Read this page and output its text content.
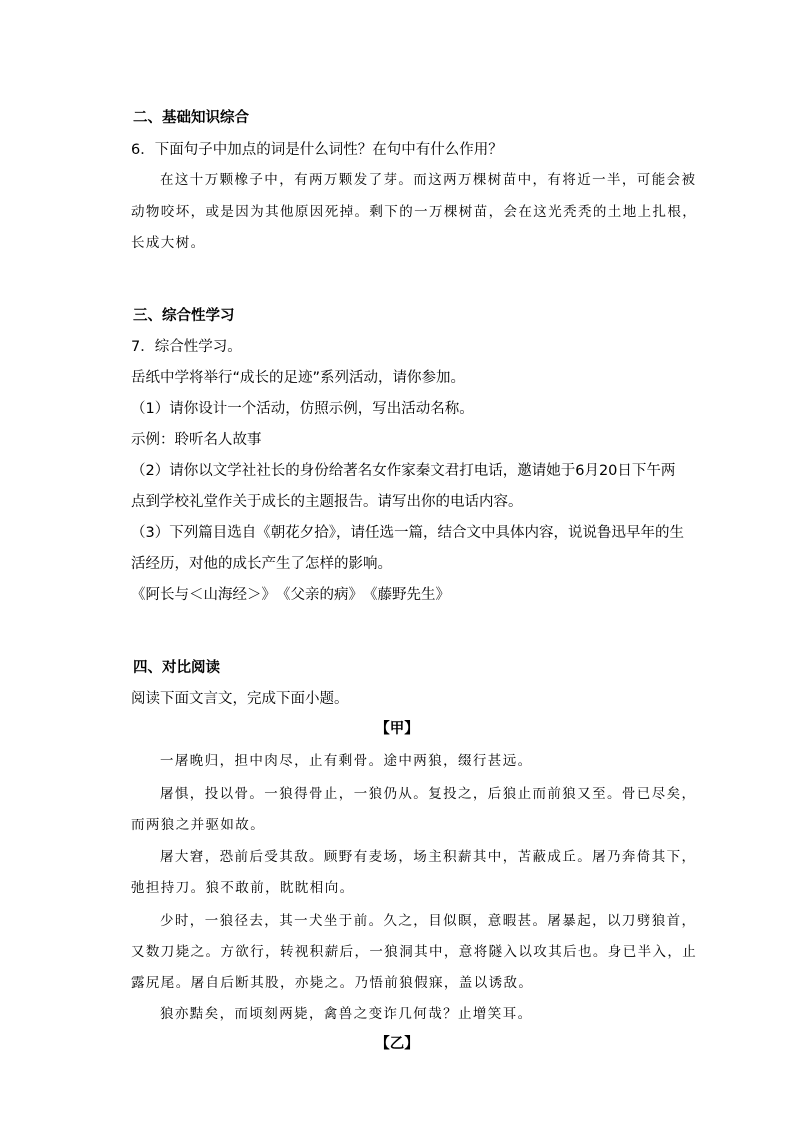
二、基础知识综合
6．下面句子中加点的词是什么词性？在句中有什么作用？
在这十万颗橡子中，有两万颗发了芽。而这两万棵树苗中，有将近一半，可能会被
动物咬坏，或是因为其他原因死掉。剩下的一万棵树苗，会在这光秃秃的土地上扎根，
长成大树。
三、综合性学习
7．综合性学习。
岳纸中学将举行“成长的足迹”系列活动，请你参加。
（1）请你设计一个活动，仿照示例，写出活动名称。
示例：聆听名人故事
（2）请你以文学社社长的身份给著名女作家秦文君打电话，邀请她于6月20日下午两
点到学校礼堂作关于成长的主题报告。请写出你的电话内容。
（3）下列篇目选自《朝花夕拾》，请任选一篇，结合文中具体内容，说说鲁迅早年的生
活经历，对他的成长产生了怎样的影响。
《阿长与＜山海经＞》　《父亲的病》　《藤野先生》
四、对比阅读
阅读下面文言文，完成下面小题。
【甲】
一屠晚归，担中肉尽，止有剩骨。途中两狼，缀行甚远。
屠惧，投以骨。一狼得骨止，一狼仍从。复投之，后狼止而前狼又至。骨已尽矣，
而两狼之并驱如故。
屠大窘，恐前后受其敌。顾野有麦场，场主积薪其中，苫蔽成丘。屠乃奔倚其下，
弛担持刀。狼不敢前，眈眈相向。
少时，一狼径去，其一犬坐于前。久之，目似瞑，意暇甚。屠暴起，以刀劈狼首，
又数刀毙之。方欲行，转视积薪后，一狼洞其中，意将隧入以攻其后也。身已半入，止
露尻尾。屠自后断其股，亦毙之。乃悟前狼假寐，盖以诱敌。
狼亦黠矣，而顷刻两毙，禽兽之变诈几何哉？止增笑耳。
【乙】
